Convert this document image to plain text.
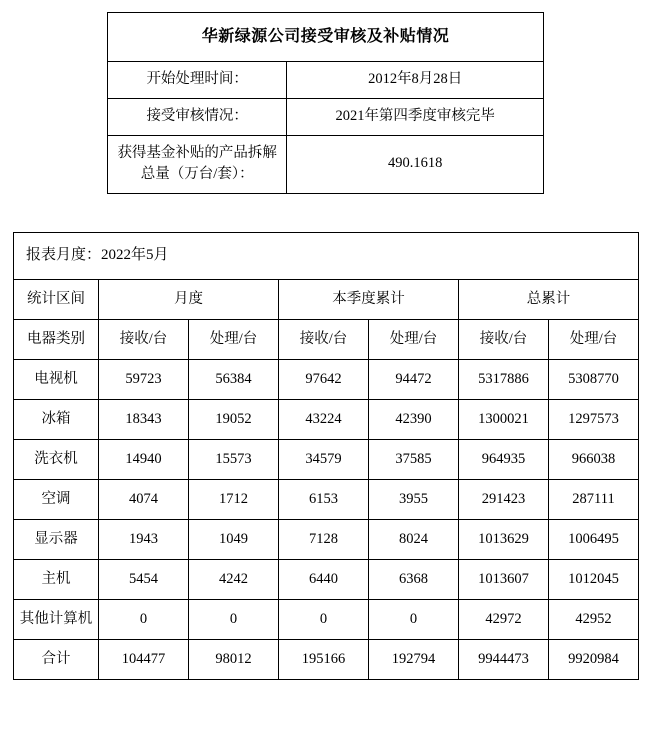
华新绿源公司接受审核及补贴情况	
开始处理时间：	2012年8月28日
接受审核情况：	2021年第四季度审核完毕
获得基金补贴的产品拆解总量（万台/套）：	490.1618
报表月度：2022年5月						
统计区间	月度		本季度累计		总累计	
电器类别	接收/台	处理/台	接收/台	处理/台	接收/台	处理/台
电视机	59723	56384	97642	94472	5317886	5308770
冰箱	18343	19052	43224	42390	1300021	1297573
洗衣机	14940	15573	34579	37585	964935	966038
空调	4074	1712	6153	3955	291423	287111
显示器	1943	1049	7128	8024	1013629	1006495
主机	5454	4242	6440	6368	1013607	1012045
其他计算机	0	0	0	0	42972	42952
合计	104477	98012	195166	192794	9944473	9920984
